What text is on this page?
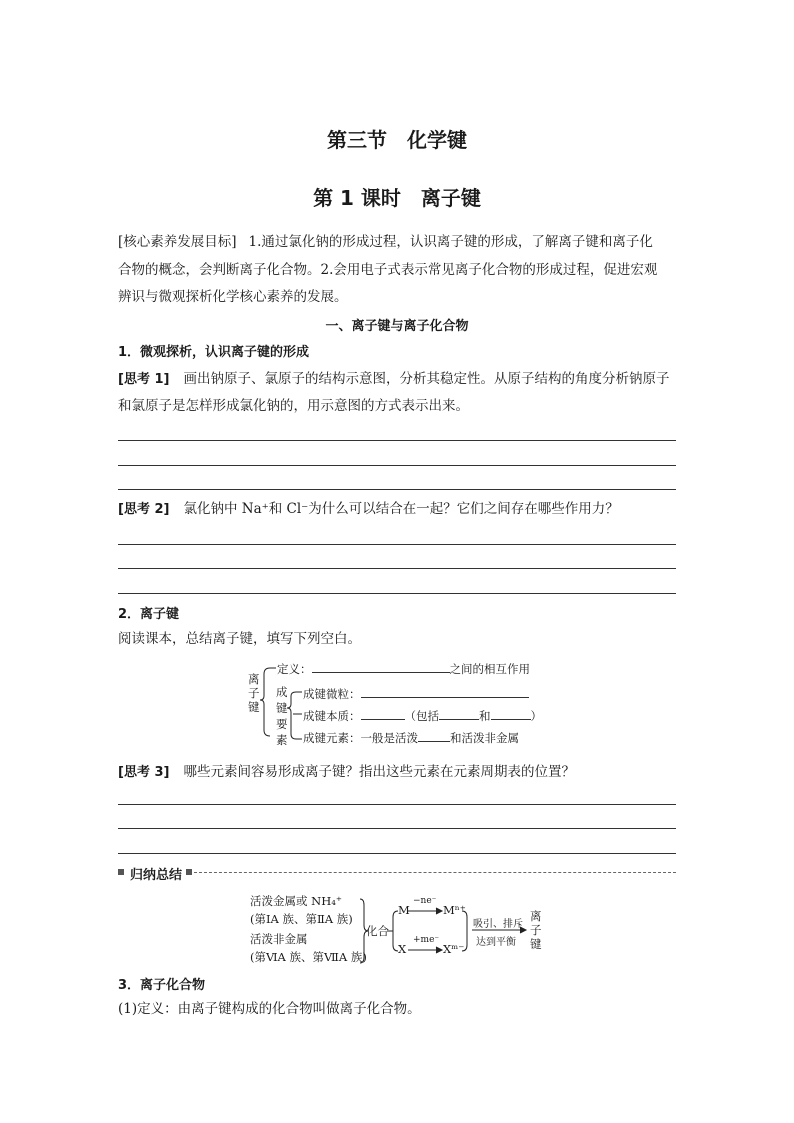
第三节　化学键
第 1 课时　离子键
[核心素养发展目标] 1.通过氯化钠的形成过程，认识离子键的形成，了解离子键和离子化
合物的概念，会判断离子化合物。2.会用电子式表示常见离子化合物的形成过程，促进宏观
辨识与微观探析化学核心素养的发展。
一、离子键与离子化合物
1．微观探析，认识离子键的形成
[思考 1] 画出钠原子、氯原子的结构示意图，分析其稳定性。从原子结构的角度分析钠原子
和氯原子是怎样形成氯化钠的，用示意图的方式表示出来。
[思考 2] 氯化钠中 Na⁺和 Cl⁻为什么可以结合在一起？它们之间存在哪些作用力？
2．离子键
阅读课本，总结离子键，填写下列空白。
离
子
键
定义：	之间的相互作用
成
键
要
素
成键微粒：
成键本质：	（包括	和	）
成键元素：一般是活泼	和活泼非金属
[思考 3] 哪些元素间容易形成离子键？指出这些元素在元素周期表的位置？
归纳总结
活泼金属或 NH₄⁺
(第ⅠA 族、第ⅡA 族)
活泼非金属
(第ⅥA 族、第ⅦA 族)
化合
M
−ne⁻
Mⁿ⁺
X
+me⁻
Xᵐ⁻
吸引、排斥
达到平衡
离
子
键
3．离子化合物
(1)定义：由离子键构成的化合物叫做离子化合物。
